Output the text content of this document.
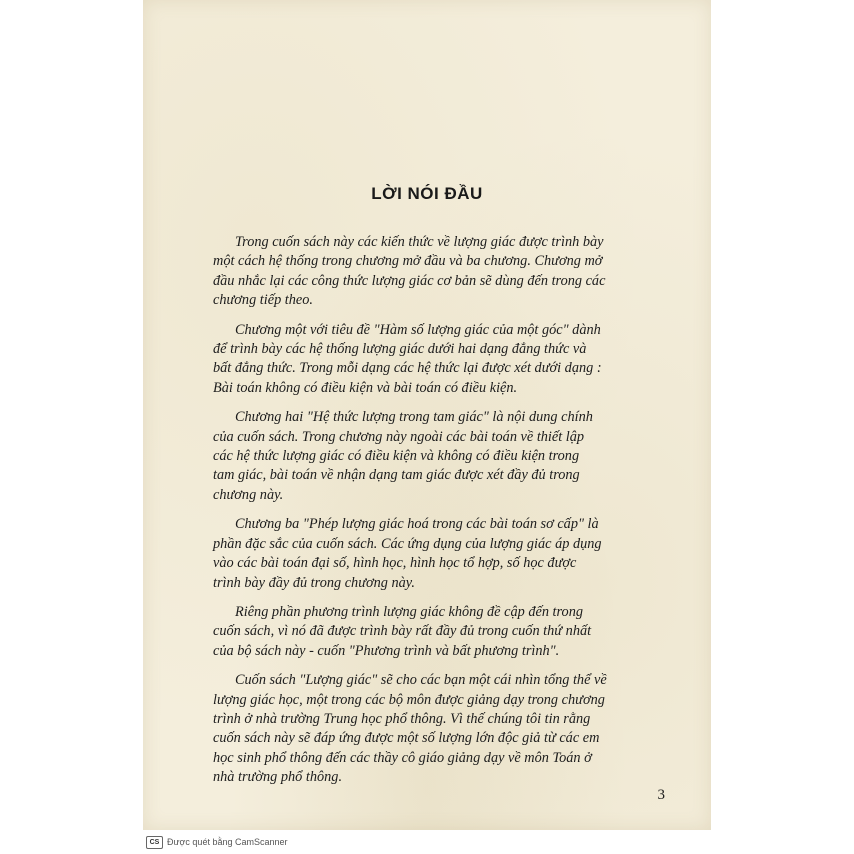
LỜI NÓI ĐẦU

Trong cuốn sách này các kiến thức về lượng giác được trình bày
một cách hệ thống trong chương mở đầu và ba chương. Chương mở
đầu nhắc lại các công thức lượng giác cơ bản sẽ dùng đến trong các
chương tiếp theo.

Chương một với tiêu đề "Hàm số lượng giác của một góc" dành
để trình bày các hệ thống lượng giác dưới hai dạng đẳng thức và
bất đẳng thức. Trong mỗi dạng các hệ thức lại được xét dưới dạng :
Bài toán không có điều kiện và bài toán có điều kiện.

Chương hai "Hệ thức lượng trong tam giác" là nội dung chính
của cuốn sách. Trong chương này ngoài các bài toán về thiết lập
các hệ thức lượng giác có điều kiện và không có điều kiện trong
tam giác, bài toán về nhận dạng tam giác được xét đầy đủ trong
chương này.

Chương ba "Phép lượng giác hoá trong các bài toán sơ cấp" là
phần đặc sắc của cuốn sách. Các ứng dụng của lượng giác áp dụng
vào các bài toán đại số, hình học, hình học tổ hợp, số học được
trình bày đầy đủ trong chương này.

Riêng phần phương trình lượng giác không đề cập đến trong
cuốn sách, vì nó đã được trình bày rất đầy đủ trong cuốn thứ nhất
của bộ sách này - cuốn "Phương trình và bất phương trình".

Cuốn sách "Lượng giác" sẽ cho các bạn một cái nhìn tổng thể về
lượng giác học, một trong các bộ môn được giảng dạy trong chương
trình ở nhà trường Trung học phổ thông. Vì thế chúng tôi tin rằng
cuốn sách này sẽ đáp ứng được một số lượng lớn độc giả từ các em
học sinh phổ thông đến các thầy cô giáo giảng dạy về môn Toán ở
nhà trường phổ thông.

3
CS Được quét bằng CamScanner
